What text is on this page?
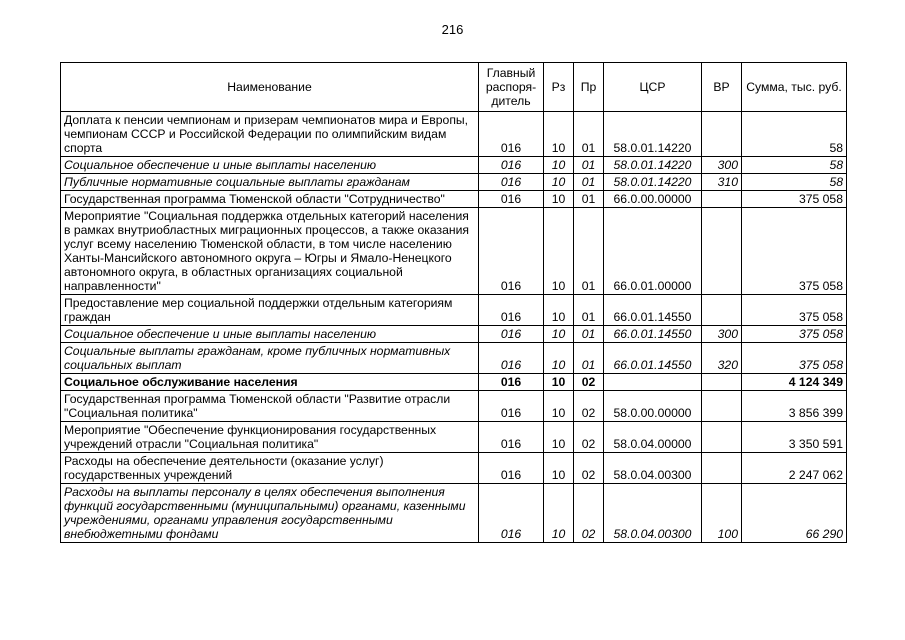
216
Наименование	Главный распоря-дитель	Рз	Пр	ЦСР	ВР	Сумма, тыс. руб.
Доплата к пенсии чемпионам и призерам чемпионатов мира и Европы, чемпионам СССР и Российской Федерации по олимпийским видам спорта	016	10	01	58.0.01.14220		58
Социальное обеспечение и иные выплаты населению	016	10	01	58.0.01.14220	300	58
Публичные нормативные социальные выплаты гражданам	016	10	01	58.0.01.14220	310	58
Государственная программа Тюменской области "Сотрудничество"	016	10	01	66.0.00.00000		375 058
Мероприятие "Социальная поддержка отдельных категорий населения в рамках внутриобластных миграционных процессов, а также оказания услуг всему населению Тюменской области, в том числе населению Ханты-Мансийского автономного округа – Югры и Ямало-Ненецкого автономного округа, в областных организациях социальной направленности"	016	10	01	66.0.01.00000		375 058
Предоставление мер социальной поддержки отдельным категориям граждан	016	10	01	66.0.01.14550		375 058
Социальное обеспечение и иные выплаты населению	016	10	01	66.0.01.14550	300	375 058
Социальные выплаты гражданам, кроме публичных нормативных социальных выплат	016	10	01	66.0.01.14550	320	375 058
Социальное обслуживание населения	016	10	02			4 124 349
Государственная программа Тюменской области "Развитие отрасли "Социальная политика"	016	10	02	58.0.00.00000		3 856 399
Мероприятие "Обеспечение функционирования государственных учреждений отрасли "Социальная политика"	016	10	02	58.0.04.00000		3 350 591
Расходы на обеспечение деятельности (оказание услуг) государственных учреждений	016	10	02	58.0.04.00300		2 247 062
Расходы на выплаты персоналу в целях обеспечения выполнения функций государственными (муниципальными) органами, казенными учреждениями, органами управления государственными внебюджетными фондами	016	10	02	58.0.04.00300	100	66 290
